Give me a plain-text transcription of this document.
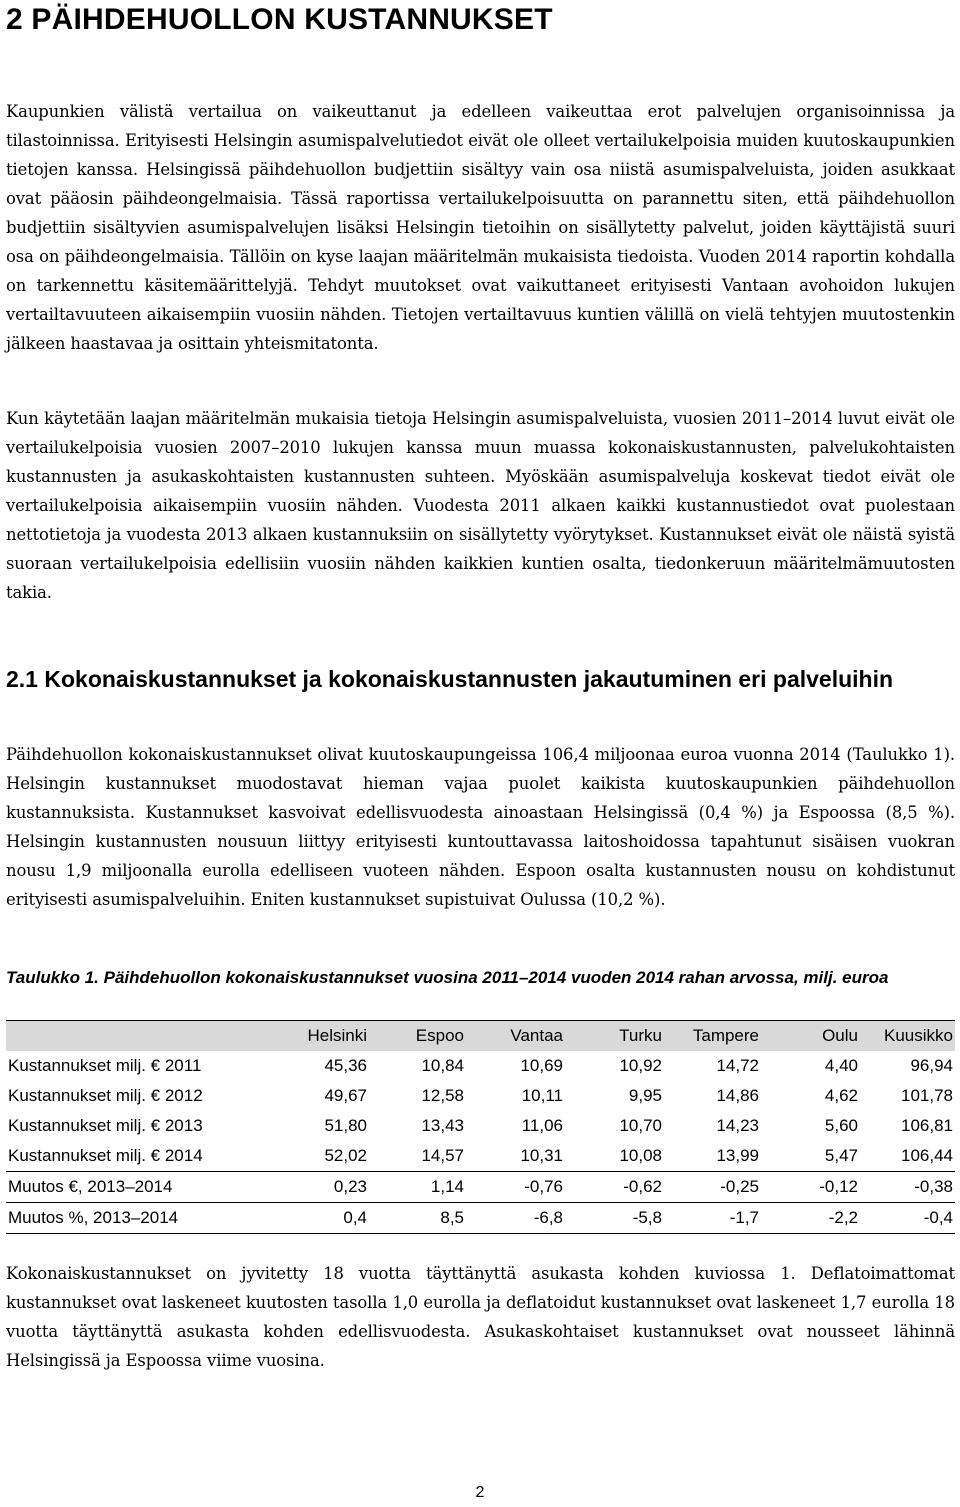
2 PÄIHDEHUOLLON KUSTANNUKSET

Kaupunkien välistä vertailua on vaikeuttanut ja edelleen vaikeuttaa erot palvelujen organisoinnissa ja tilastoinnissa. Erityisesti Helsingin asumispalvelutiedot eivät ole olleet vertailukelpoisia muiden kuutoskaupunkien tietojen kanssa. Helsingissä päihdehuollon budjettiin sisältyy vain osa niistä asumispalveluista, joiden asukkaat ovat pääosin päihdeongelmaisia. Tässä raportissa vertailukelpoisuutta on parannettu siten, että päihdehuollon budjettiin sisältyvien asumispalvelujen lisäksi Helsingin tietoihin on sisällytetty palvelut, joiden käyttäjistä suuri osa on päihdeongelmaisia. Tällöin on kyse laajan määritelmän mukaisista tiedoista. Vuoden 2014 raportin kohdalla on tarkennettu käsitemäärittelyjä. Tehdyt muutokset ovat vaikuttaneet erityisesti Vantaan avohoidon lukujen vertailtavuuteen aikaisempiin vuosiin nähden. Tietojen vertailtavuus kuntien välillä on vielä tehtyjen muutostenkin jälkeen haastavaa ja osittain yhteismitatonta.

Kun käytetään laajan määritelmän mukaisia tietoja Helsingin asumispalveluista, vuosien 2011–2014 luvut eivät ole vertailukelpoisia vuosien 2007–2010 lukujen kanssa muun muassa kokonaiskustannusten, palvelukohtaisten kustannusten ja asukaskohtaisten kustannusten suhteen. Myöskään asumispalveluja koskevat tiedot eivät ole vertailukelpoisia aikaisempiin vuosiin nähden. Vuodesta 2011 alkaen kaikki kustannustiedot ovat puolestaan nettotietoja ja vuodesta 2013 alkaen kustannuksiin on sisällytetty vyörytykset. Kustannukset eivät ole näistä syistä suoraan vertailukelpoisia edellisiin vuosiin nähden kaikkien kuntien osalta, tiedonkeruun määritelmämuutosten takia.

2.1 Kokonaiskustannukset ja kokonaiskustannusten jakautuminen eri palveluihin

Päihdehuollon kokonaiskustannukset olivat kuutoskaupungeissa 106,4 miljoonaa euroa vuonna 2014 (Taulukko 1). Helsingin kustannukset muodostavat hieman vajaa puolet kaikista kuutoskaupunkien päihdehuollon kustannuksista. Kustannukset kasvoivat edellisvuodesta ainoastaan Helsingissä (0,4 %) ja Espoossa (8,5 %). Helsingin kustannusten nousuun liittyy erityisesti kuntouttavassa laitoshoidossa tapahtunut sisäisen vuokran nousu 1,9 miljoonalla eurolla edelliseen vuoteen nähden. Espoon osalta kustannusten nousu on kohdistunut erityisesti asumispalveluihin. Eniten kustannukset supistuivat Oulussa (10,2 %).

Taulukko 1. Päihdehuollon kokonaiskustannukset vuosina 2011–2014 vuoden 2014 rahan arvossa, milj. euroa
	Helsinki	Espoo	Vantaa	Turku	Tampere	Oulu	Kuusikko
Kustannukset milj. € 2011	45,36	10,84	10,69	10,92	14,72	4,40	96,94
Kustannukset milj. € 2012	49,67	12,58	10,11	9,95	14,86	4,62	101,78
Kustannukset milj. € 2013	51,80	13,43	11,06	10,70	14,23	5,60	106,81
Kustannukset milj. € 2014	52,02	14,57	10,31	10,08	13,99	5,47	106,44
Muutos €, 2013–2014	0,23	1,14	-0,76	-0,62	-0,25	-0,12	-0,38
Muutos %, 2013–2014	0,4	8,5	-6,8	-5,8	-1,7	-2,2	-0,4

Kokonaiskustannukset on jyvitetty 18 vuotta täyttänyttä asukasta kohden kuviossa 1. Deflatoimattomat kustannukset ovat laskeneet kuutosten tasolla 1,0 eurolla ja deflatoidut kustannukset ovat laskeneet 1,7 eurolla 18 vuotta täyttänyttä asukasta kohden edellisvuodesta. Asukaskohtaiset kustannukset ovat nousseet lähinnä Helsingissä ja Espoossa viime vuosina.

2
